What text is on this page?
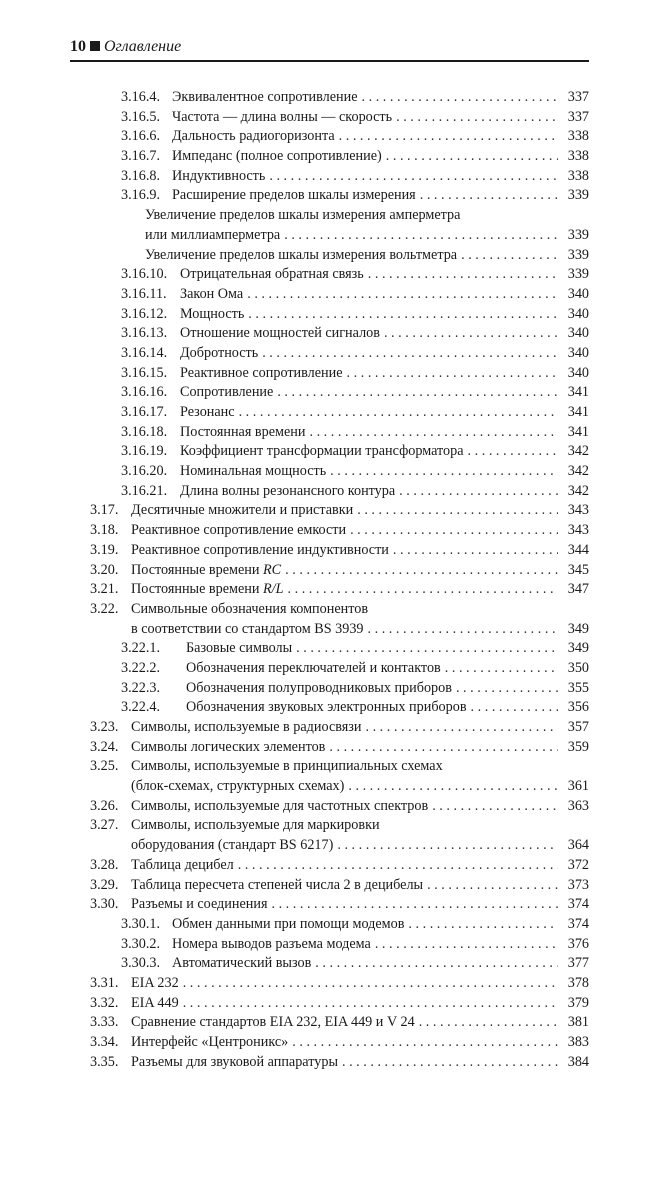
10 Оглавление
3.16.4. Эквивалентное сопротивление . . .	337
3.16.5. Частота — длина волны — скорость . . .	337
3.16.6. Дальность радиогоризонта . . .	338
3.16.7. Импеданс (полное сопротивление) . . .	338
3.16.8. Индуктивность . . .	338
3.16.9. Расширение пределов шкалы измерения . . .	339
Увеличение пределов шкалы измерения амперметра
или миллиамперметра . . .	339
Увеличение пределов шкалы измерения вольтметра . . .	339
3.16.10. Отрицательная обратная связь . . .	339
3.16.11. Закон Ома . . .	340
3.16.12. Мощность . . .	340
3.16.13. Отношение мощностей сигналов . . .	340
3.16.14. Добротность . . .	340
3.16.15. Реактивное сопротивление . . .	340
3.16.16. Сопротивление . . .	341
3.16.17. Резонанс . . .	341
3.16.18. Постоянная времени . . .	341
3.16.19. Коэффициент трансформации трансформатора . . .	342
3.16.20. Номинальная мощность . . .	342
3.16.21. Длина волны резонансного контура . . .	342
3.17. Десятичные множители и приставки . . .	343
3.18. Реактивное сопротивление емкости . . .	343
3.19. Реактивное сопротивление индуктивности . . .	344
3.20. Постоянные времени RC . . .	345
3.21. Постоянные времени R/L . . .	347
3.22. Символьные обозначения компонентов
в соответствии со стандартом BS 3939 . . .	349
3.22.1. Базовые символы . . .	349
3.22.2. Обозначения переключателей и контактов . . .	350
3.22.3. Обозначения полупроводниковых приборов . . .	355
3.22.4. Обозначения звуковых электронных приборов . . .	356
3.23. Символы, используемые в радиосвязи . . .	357
3.24. Символы логических элементов . . .	359
3.25. Символы, используемые в принципиальных схемах
(блок-схемах, структурных схемах) . . .	361
3.26. Символы, используемые для частотных спектров . . .	363
3.27. Символы, используемые для маркировки
оборудования (стандарт BS 6217) . . .	364
3.28. Таблица децибел . . .	372
3.29. Таблица пересчета степеней числа 2 в децибелы . . .	373
3.30. Разъемы и соединения . . .	374
3.30.1. Обмен данными при помощи модемов . . .	374
3.30.2. Номера выводов разъема модема . . .	376
3.30.3. Автоматический вызов . . .	377
3.31. EIA 232 . . .	378
3.32. EIA 449 . . .	379
3.33. Сравнение стандартов EIA 232, EIA 449 и V 24 . . .	381
3.34. Интерфейс «Центроникс» . . .	383
3.35. Разъемы для звуковой аппаратуры . . .	384
